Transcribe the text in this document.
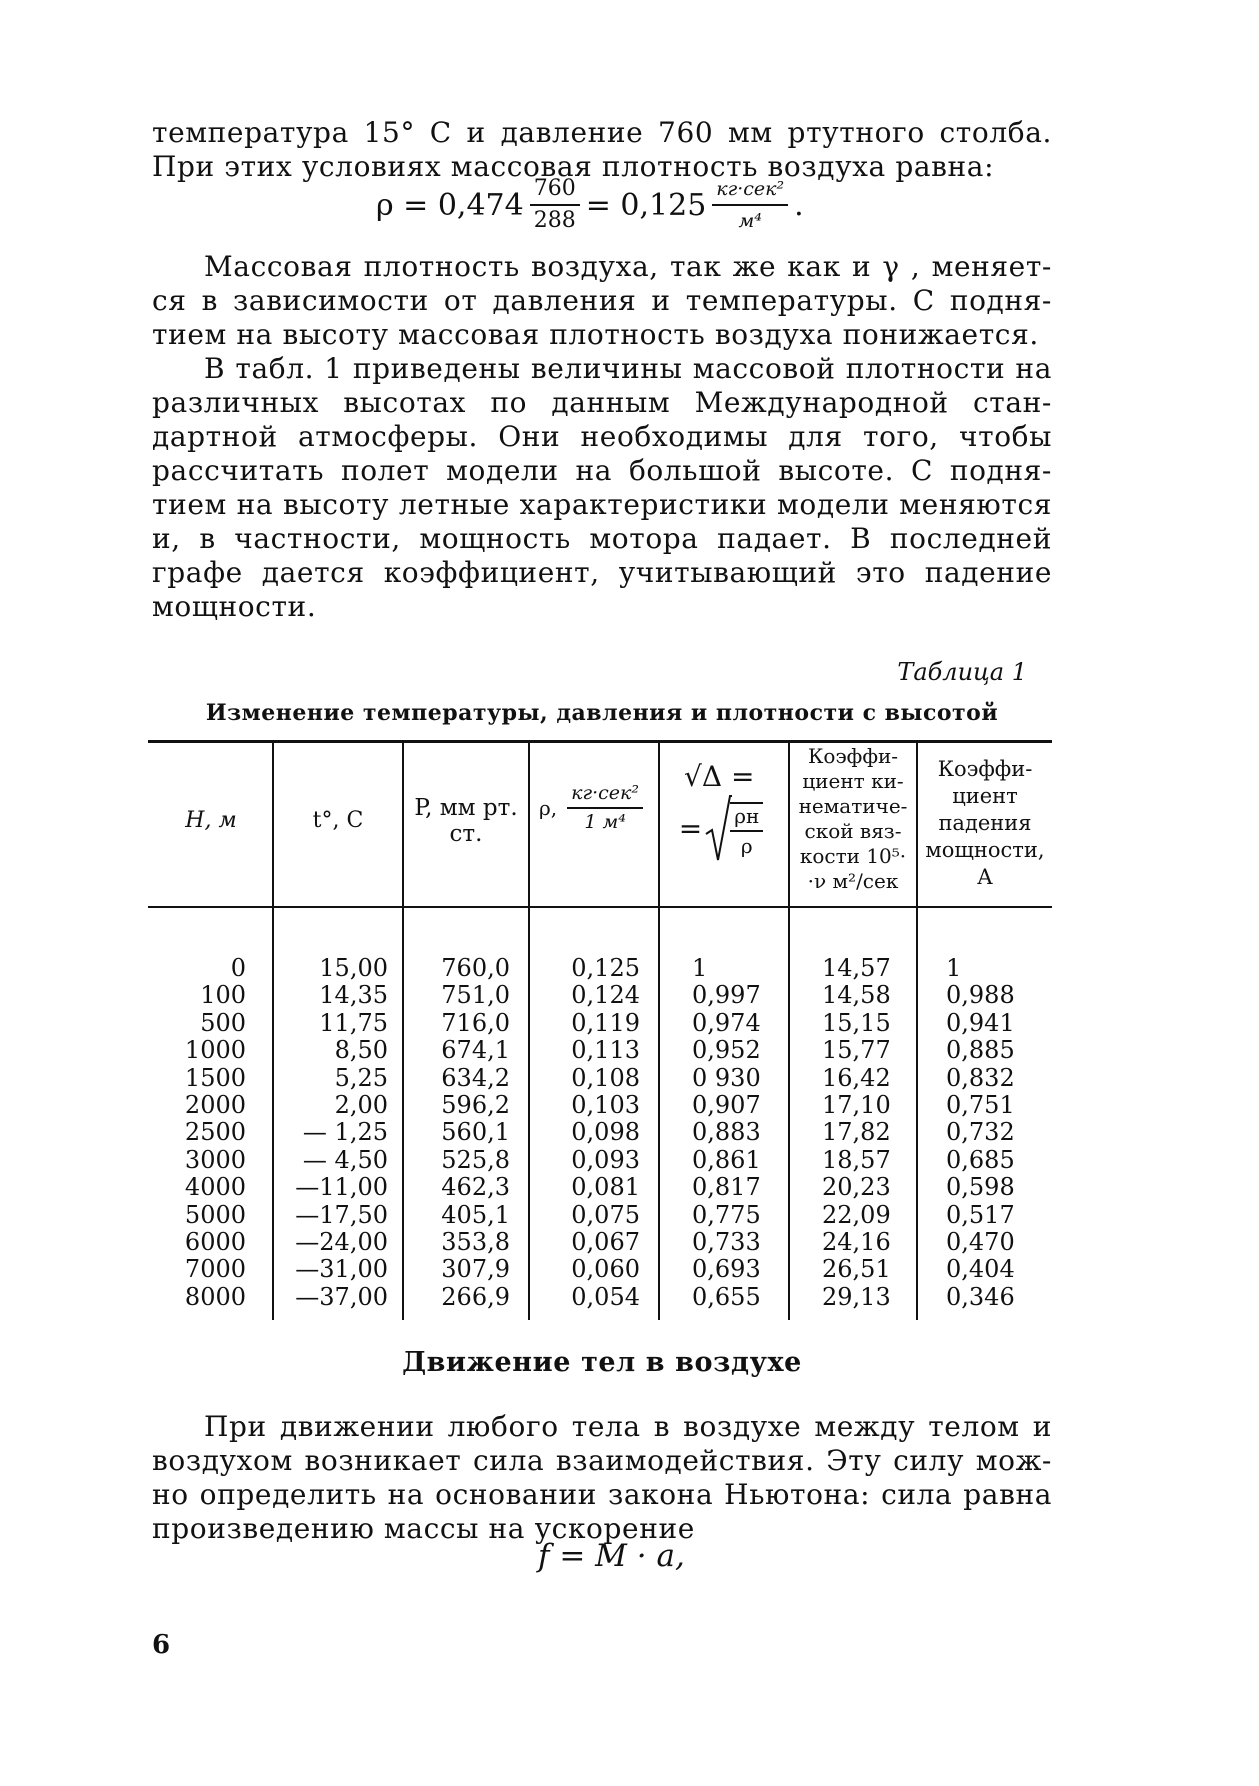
температура 15° С и давление 760 мм ртутного столба.
При этих условиях массовая плотность воздуха равна:
$\rho = 0,474 \frac{760}{288} = 0,125 \frac{\text{кг·сек²}}{\text{м⁴}}$ .
Массовая плотность воздуха, так же как и γ , меняет-
ся в зависимости от давления и температуры. С подня-
тием на высоту массовая плотность воздуха понижается.
В табл. 1 приведены величины массовой плотности на
различных высотах по данным Международной стан-
дартной атмосферы. Они необходимы для того, чтобы
рассчитать полет модели на большой высоте. С подня-
тием на высоту летные характеристики модели меняются
и, в частности, мощность мотора падает. В последней
графе дается коэффициент, учитывающий это падение
мощности.
Таблица 1
Изменение температуры, давления и плотности с высотой
H, м	t°, С	P, мм рт. ст.
ρ, $\frac{\text{кг·сек²}}{\text{1 м⁴}}$
√Δ =
= $\frac{\rho н}{\rho}$
Коэффи- циент ки- нематиче- ской вяз- кости 10⁵· ·ν м²/сек
Коэффи- циент падения мощности, A
0
100
500
1000
1500
2000
2500
3000
4000
5000
6000
7000
8000
15,00
14,35
11,75
8,50
5,25
2,00
— 1,25
— 4,50
—11,00
—17,50
—24,00
—31,00
—37,00
760,0
751,0
716,0
674,1
634,2
596,2
560,1
525,8
462,3
405,1
353,8
307,9
266,9
0,125
0,124
0,119
0,113
0,108
0,103
0,098
0,093
0,081
0,075
0,067
0,060
0,054
1
0,997
0,974
0,952
0 930
0,907
0,883
0,861
0,817
0,775
0,733
0,693
0,655
14,57
14,58
15,15
15,77
16,42
17,10
17,82
18,57
20,23
22,09
24,16
26,51
29,13
1
0,988
0,941
0,885
0,832
0,751
0,732
0,685
0,598
0,517
0,470
0,404
0,346
Движение тел в воздухе
При движении любого тела в воздухе между телом и
воздухом возникает сила взаимодействия. Эту силу мож-
но определить на основании закона Ньютона: сила равна
произведению массы на ускорение
f = M · a,
6
